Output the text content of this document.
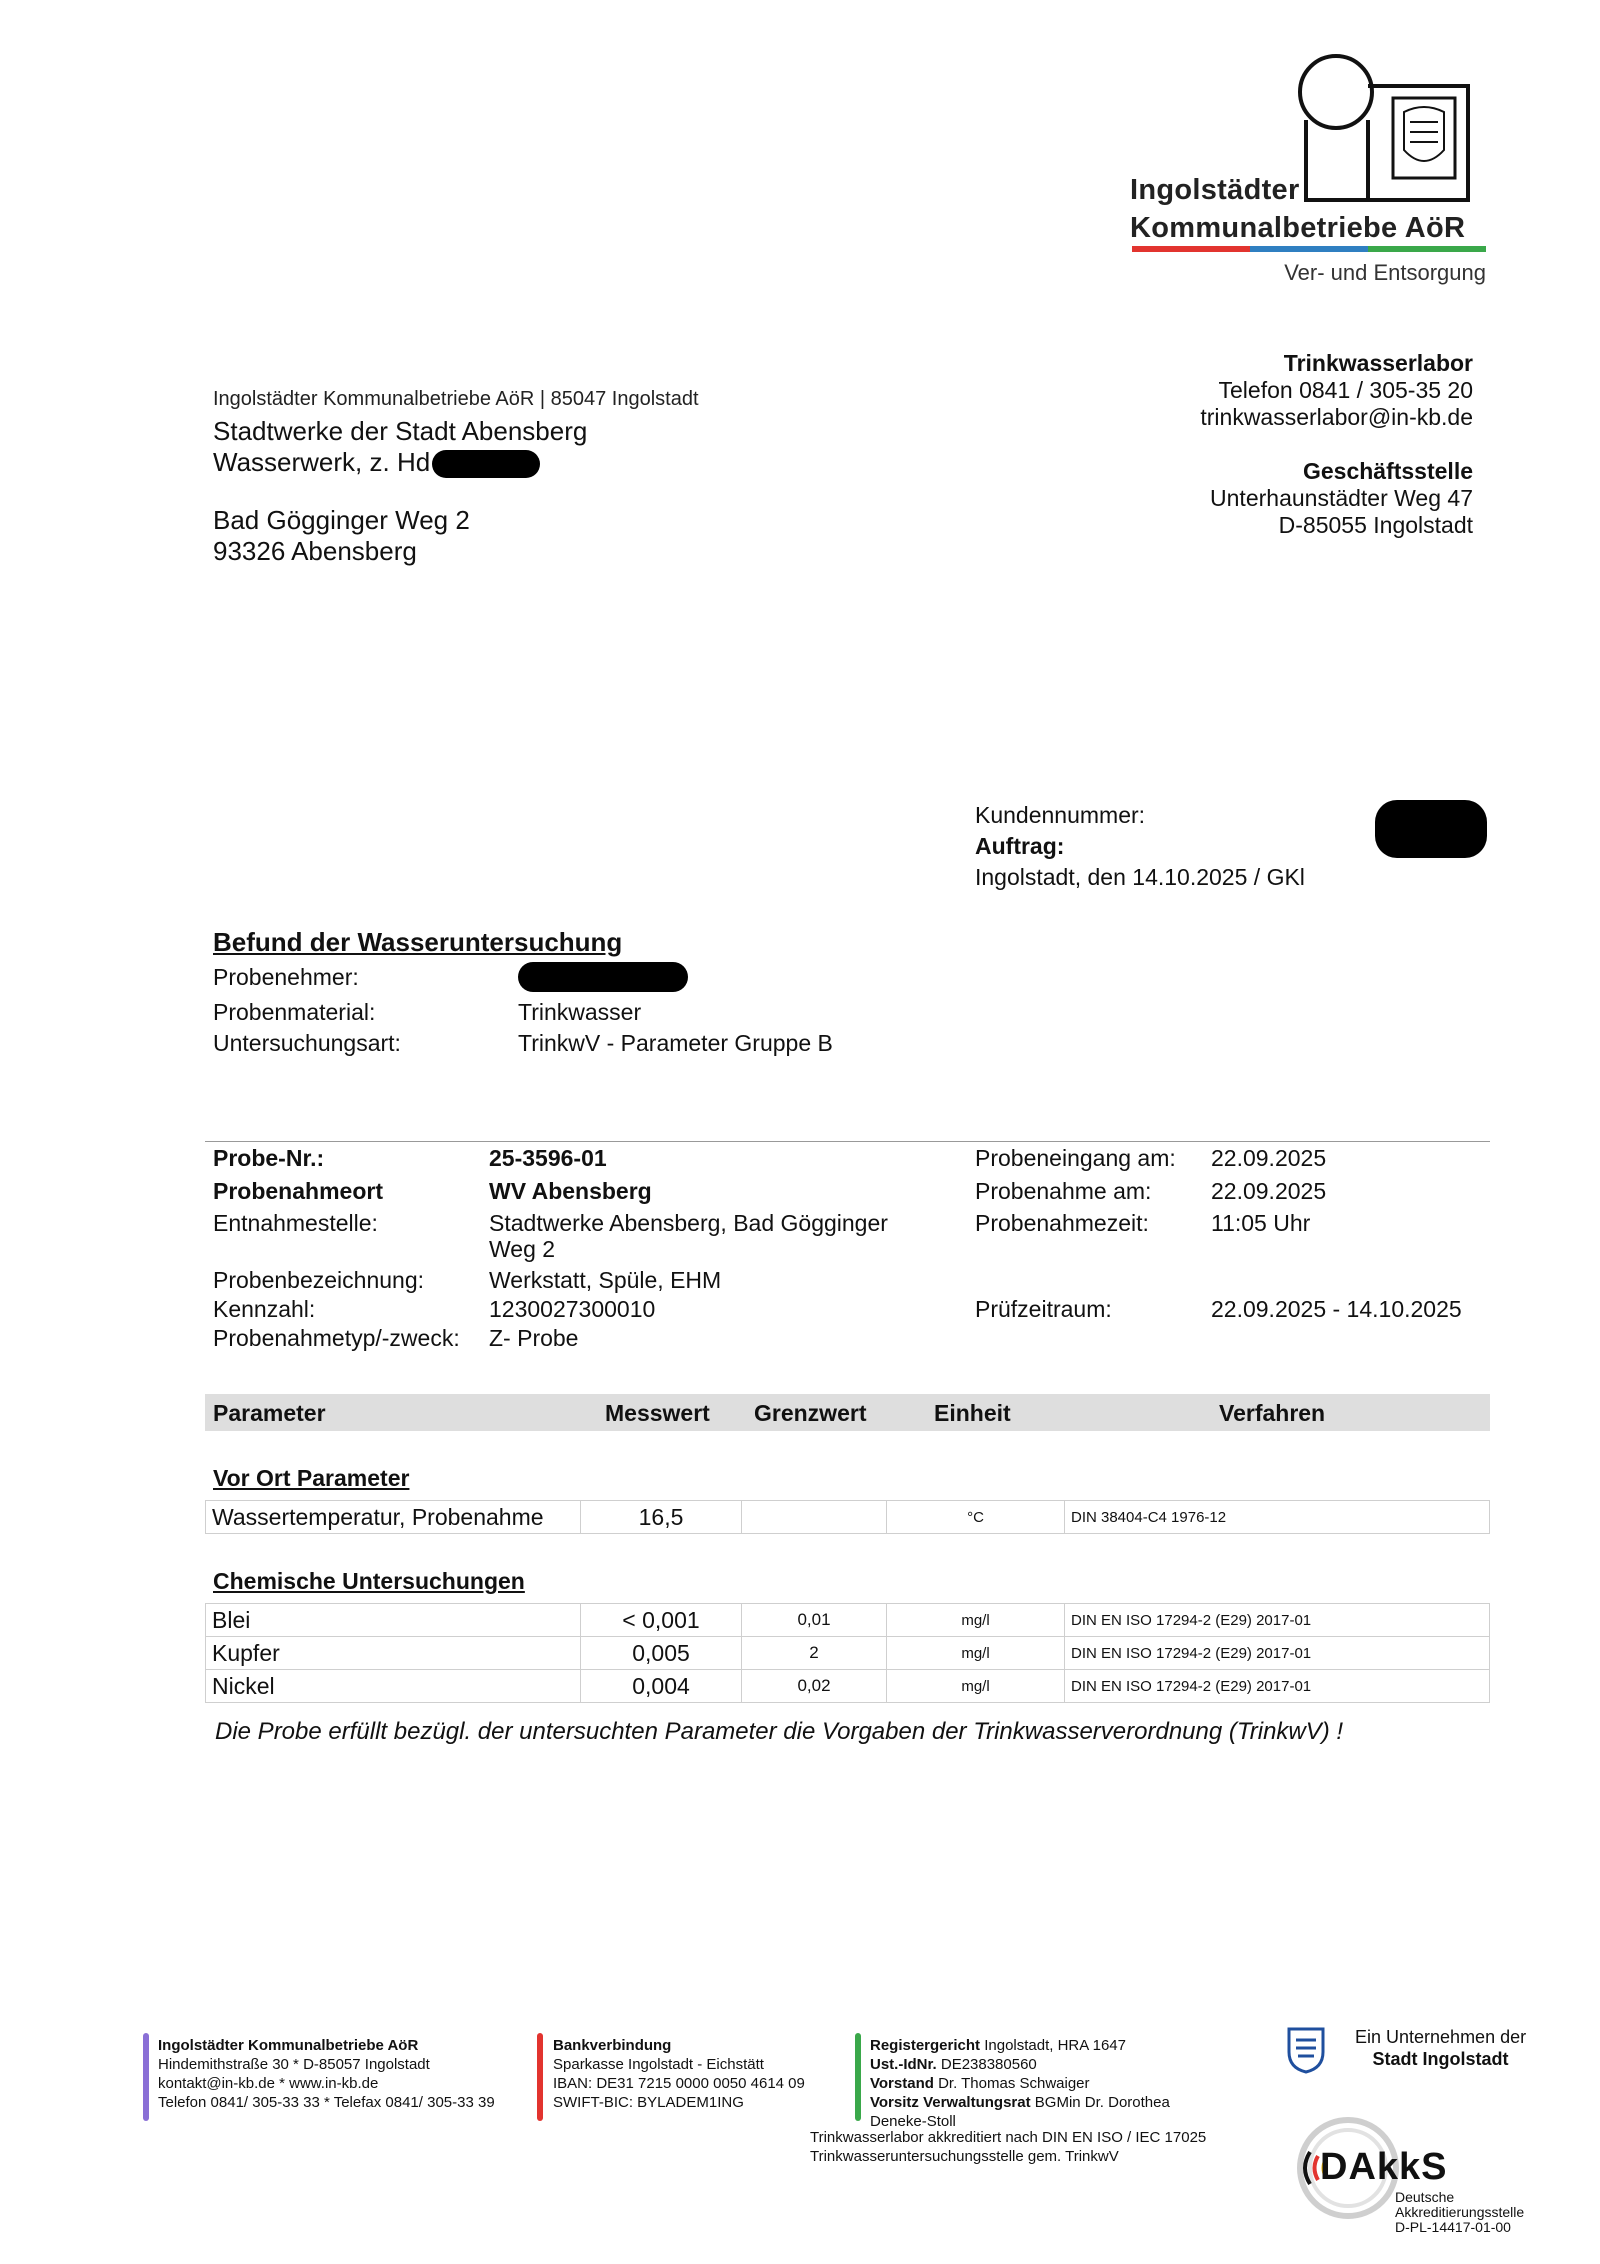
Ingolstädter
Kommunalbetriebe AöR
Ver- und Entsorgung
Ingolstädter Kommunalbetriebe AöR | 85047 Ingolstadt
Stadtwerke der Stadt Abensberg
Wasserwerk, z. Hd
Bad Gögginger Weg 2
93326 Abensberg
Trinkwasserlabor
Telefon 0841 / 305-35 20
trinkwasserlabor@in-kb.de
Geschäftsstelle
Unterhaunstädter Weg 47
D-85055 Ingolstadt
Kundennummer:
Auftrag:
Ingolstadt, den 14.10.2025 / GKl
Befund der Wasseruntersuchung
Probenehmer:
Probenmaterial:	Trinkwasser
Untersuchungsart:	TrinkwV - Parameter Gruppe B
Probe-Nr.:	25-3596-01	Probeneingang am:	22.09.2025
Probenahmeort	WV Abensberg	Probenahme am:	22.09.2025
Entnahmestelle:	Stadtwerke Abensberg, Bad Gögginger
Weg 2
Probenahmezeit:	11:05 Uhr
Probenbezeichnung:	Werkstatt, Spüle, EHM
Kennzahl:	1230027300010	Prüfzeitraum:	22.09.2025 - 14.10.2025
Probenahmetyp/-zweck:	Z- Probe
Parameter	Messwert Grenzwert	Einheit	Verfahren
Vor Ort Parameter
Wassertemperatur, Probenahme	16,5		°C	DIN 38404-C4 1976-12
Chemische Untersuchungen
Blei	< 0,001	0,01	mg/l	DIN EN ISO 17294-2 (E29) 2017-01
Kupfer	0,005	2	mg/l	DIN EN ISO 17294-2 (E29) 2017-01
Nickel	0,004	0,02	mg/l	DIN EN ISO 17294-2 (E29) 2017-01
Die Probe erfüllt bezügl. der untersuchten Parameter die Vorgaben der Trinkwasserverordnung (TrinkwV) !
Ingolstädter Kommunalbetriebe AöR
Hindemithstraße 30 * D-85057 Ingolstadt
kontakt@in-kb.de * www.in-kb.de
Telefon 0841/ 305-33 33 * Telefax 0841/ 305-33 39
Bankverbindung
Sparkasse Ingolstadt - Eichstätt
IBAN: DE31 7215 0000 0050 4614 09
SWIFT-BIC: BYLADEM1ING
Registergericht Ingolstadt, HRA 1647
Ust.-IdNr. DE238380560
Vorstand Dr. Thomas Schwaiger
Vorsitz Verwaltungsrat BGMin Dr. Dorothea
Deneke-Stoll
Trinkwasserlabor akkreditiert nach DIN EN ISO / IEC 17025
Trinkwasseruntersuchungsstelle gem. TrinkwV
Ein Unternehmen der
Stadt Ingolstadt
DAkkS
Deutsche
Akkreditierungsstelle
D-PL-14417-01-00
